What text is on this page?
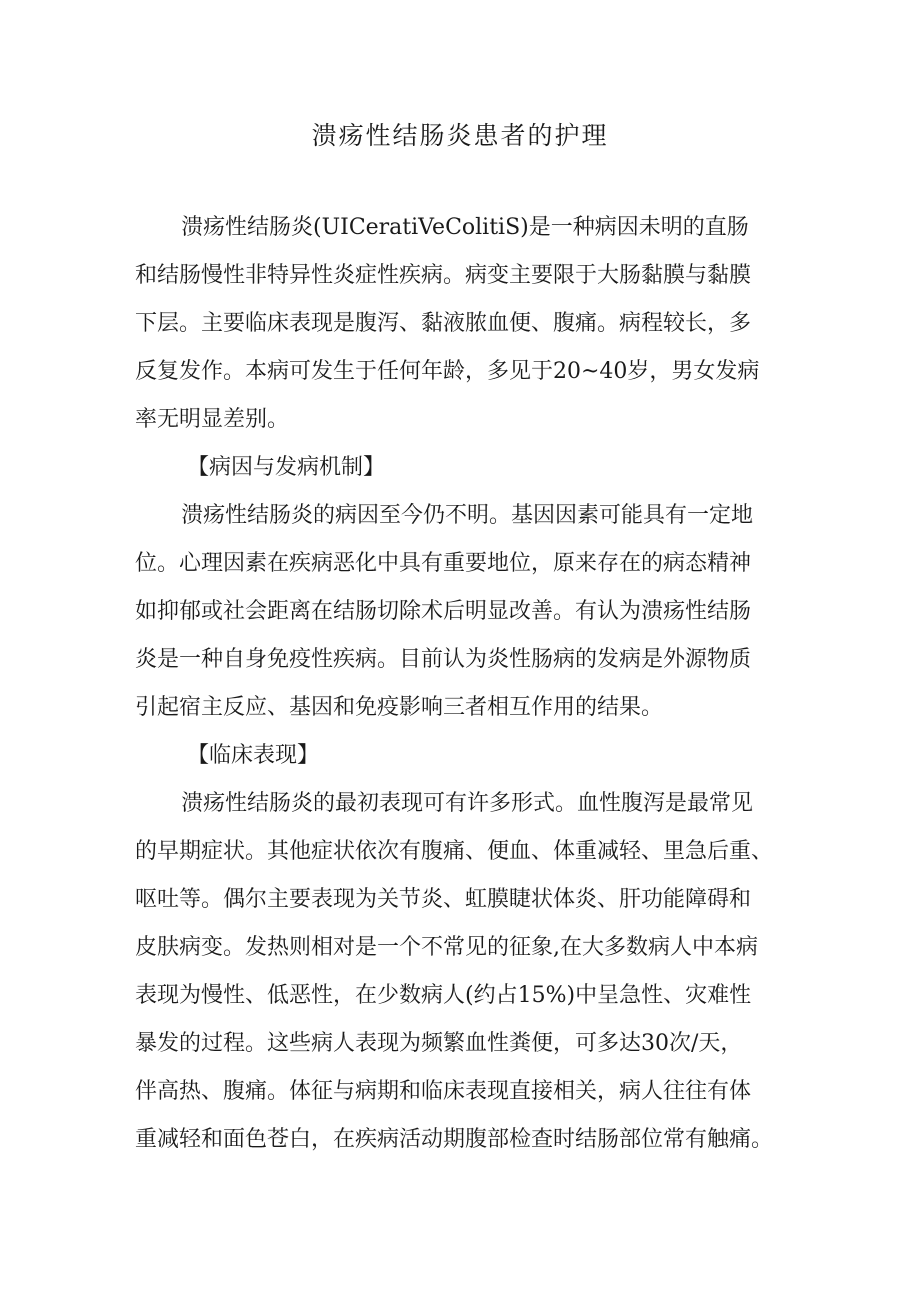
溃疡性结肠炎患者的护理
溃疡性结肠炎(UICeratiVeColitiS)是一种病因未明的直肠
和结肠慢性非特异性炎症性疾病。病变主要限于大肠黏膜与黏膜
下层。主要临床表现是腹泻、黏液脓血便、腹痛。病程较长，多
反复发作。本病可发生于任何年龄，多见于20~40岁，男女发病
率无明显差别。
【病因与发病机制】
溃疡性结肠炎的病因至今仍不明。基因因素可能具有一定地
位。心理因素在疾病恶化中具有重要地位，原来存在的病态精神
如抑郁或社会距离在结肠切除术后明显改善。有认为溃疡性结肠
炎是一种自身免疫性疾病。目前认为炎性肠病的发病是外源物质
引起宿主反应、基因和免疫影响三者相互作用的结果。
【临床表现】
溃疡性结肠炎的最初表现可有许多形式。血性腹泻是最常见
的早期症状。其他症状依次有腹痛、便血、体重减轻、里急后重、
呕吐等。偶尔主要表现为关节炎、虹膜睫状体炎、肝功能障碍和
皮肤病变。发热则相对是一个不常见的征象,在大多数病人中本病
表现为慢性、低恶性，在少数病人(约占15%)中呈急性、灾难性
暴发的过程。这些病人表现为频繁血性粪便，可多达30次/天，
伴高热、腹痛。体征与病期和临床表现直接相关，病人往往有体
重减轻和面色苍白，在疾病活动期腹部检查时结肠部位常有触痛。
